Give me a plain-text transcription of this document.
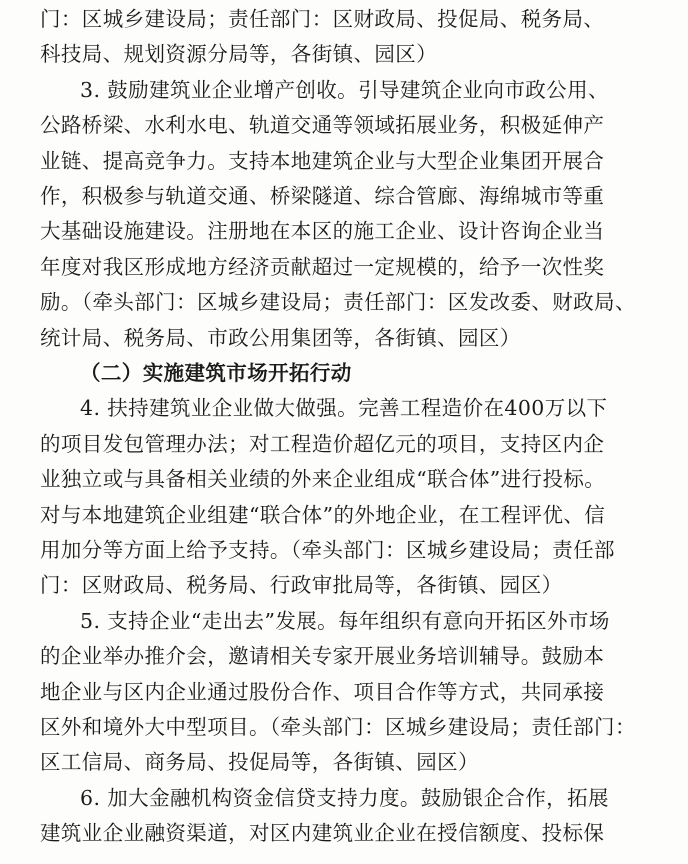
门：区城乡建设局；责任部门：区财政局、投促局、税务局、
科技局、规划资源分局等，各街镇、园区）
3. 鼓励建筑业企业增产创收。引导建筑企业向市政公用、
公路桥梁、水利水电、轨道交通等领域拓展业务，积极延伸产
业链、提高竞争力。支持本地建筑企业与大型企业集团开展合
作，积极参与轨道交通、桥梁隧道、综合管廊、海绵城市等重
大基础设施建设。注册地在本区的施工企业、设计咨询企业当
年度对我区形成地方经济贡献超过一定规模的，给予一次性奖
励。（牵头部门：区城乡建设局；责任部门：区发改委、财政局、
统计局、税务局、市政公用集团等，各街镇、园区）
（二）实施建筑市场开拓行动
4. 扶持建筑业企业做大做强。完善工程造价在400万以下
的项目发包管理办法；对工程造价超亿元的项目，支持区内企
业独立或与具备相关业绩的外来企业组成“联合体”进行投标。
对与本地建筑企业组建“联合体”的外地企业，在工程评优、信
用加分等方面上给予支持。（牵头部门：区城乡建设局；责任部
门：区财政局、税务局、行政审批局等，各街镇、园区）
5. 支持企业“走出去”发展。每年组织有意向开拓区外市场
的企业举办推介会，邀请相关专家开展业务培训辅导。鼓励本
地企业与区内企业通过股份合作、项目合作等方式，共同承接
区外和境外大中型项目。（牵头部门：区城乡建设局；责任部门：
区工信局、商务局、投促局等，各街镇、园区）
6. 加大金融机构资金信贷支持力度。鼓励银企合作，拓展
建筑业企业融资渠道，对区内建筑业企业在授信额度、投标保
